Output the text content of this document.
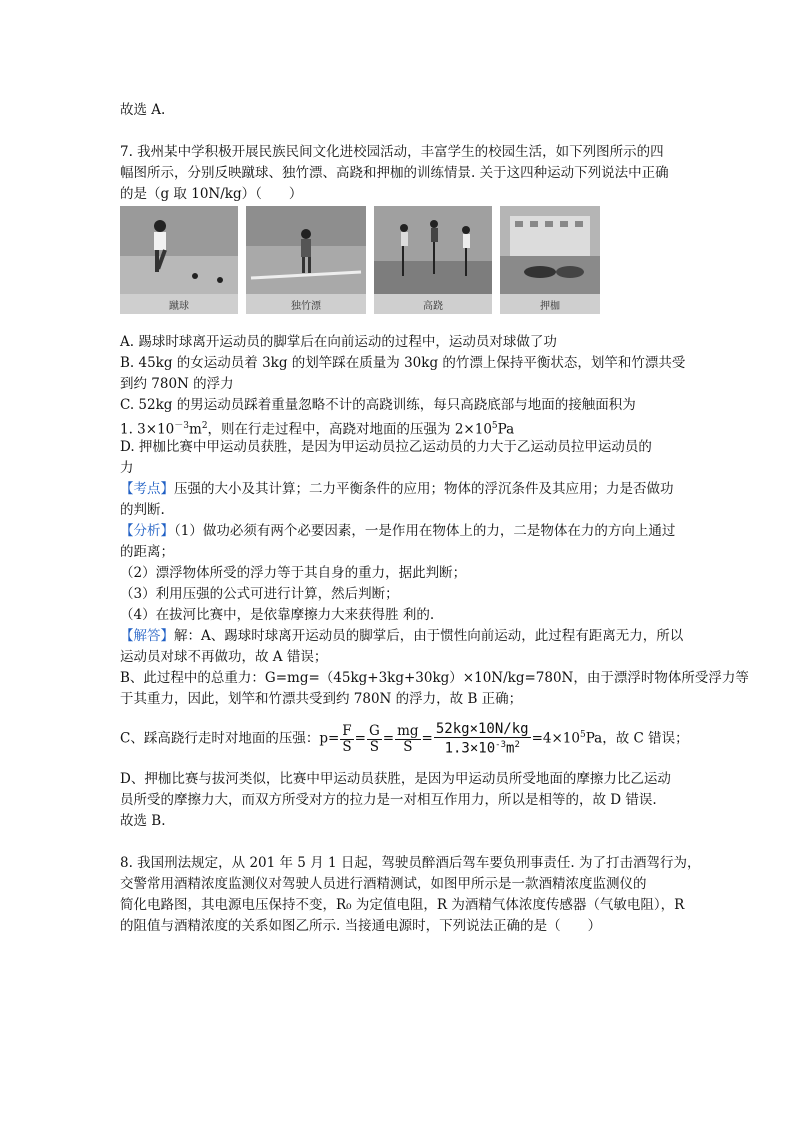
故选 A.
7. 我州某中学积极开展民族民间文化进校园活动，丰富学生的校园生活，如下列图所示的四
幅图所示，分别反映蹴球、独竹漂、高跷和押枷的训练情景. 关于这四种运动下列说法中正确
的是（g 取 10N/kg）（　　）
蹴球	独竹漂	高跷	押枷
A. 踢球时球离开运动员的脚掌后在向前运动的过程中，运动员对球做了功
B. 45kg 的女运动员着 3kg 的划竿踩在质量为 30kg 的竹漂上保持平衡状态，划竿和竹漂共受
到约 780N 的浮力
C. 52kg 的男运动员踩着重量忽略不计的高跷训练，每只高跷底部与地面的接触面积为
1. $3\times 10^{-3}m^2$，则在行走过程中，高跷对地面的压强为 $2\times 10^5Pa$
D. 押枷比赛中甲运动员获胜，是因为甲运动员拉乙运动员的力大于乙运动员拉甲运动员的
力
【考点】压强的大小及其计算；二力平衡条件的应用；物体的浮沉条件及其应用；力是否做功
的判断.
【分析】（1）做功必须有两个必要因素，一是作用在物体上的力，二是物体在力的方向上通过
的距离；
（2）漂浮物体所受的浮力等于其自身的重力，据此判断；
（3）利用压强的公式可进行计算，然后判断；
（4）在拔河比赛中，是依靠摩擦力大来获得胜 利的.
【解答】解：A、踢球时球离开运动员的脚掌后，由于惯性向前运动，此过程有距离无力，所以
运动员对球不再做功，故 A 错误；
B、此过程中的总重力：G=mg=（45kg+3kg+30kg）×10N/kg=780N，由于漂浮时物体所受浮力等
于其重力，因此，划竿和竹漂共受到约 780N 的浮力，故 B 正确；
C、踩高跷行走时对地面的压强：$p= \frac{F}{S} = \frac{G}{S} = \frac{mg}{S} = \frac{52kg\times 10N/kg}{1.3\times 10^{-3}m^2} =4\times 10^5Pa$，故 C 错误；
D、押枷比赛与拔河类似，比赛中甲运动员获胜，是因为甲运动员所受地面的摩擦力比乙运动
员所受的摩擦力大，而双方所受对方的拉力是一对相互作用力，所以是相等的，故 D 错误.
故选 B.
8. 我国刑法规定，从 201 年 5 月 1 日起，驾驶员醉酒后驾车要负刑事责任. 为了打击酒驾行为，
交警常用酒精浓度监测仪对驾驶人员进行酒精测试，如图甲所示是一款酒精浓度监测仪的
简化电路图，其电源电压保持不变，R₀ 为定值电阻，R 为酒精气体浓度传感器（气敏电阻），R
的阻值与酒精浓度的关系如图乙所示. 当接通电源时，下列说法正确的是（　　）
